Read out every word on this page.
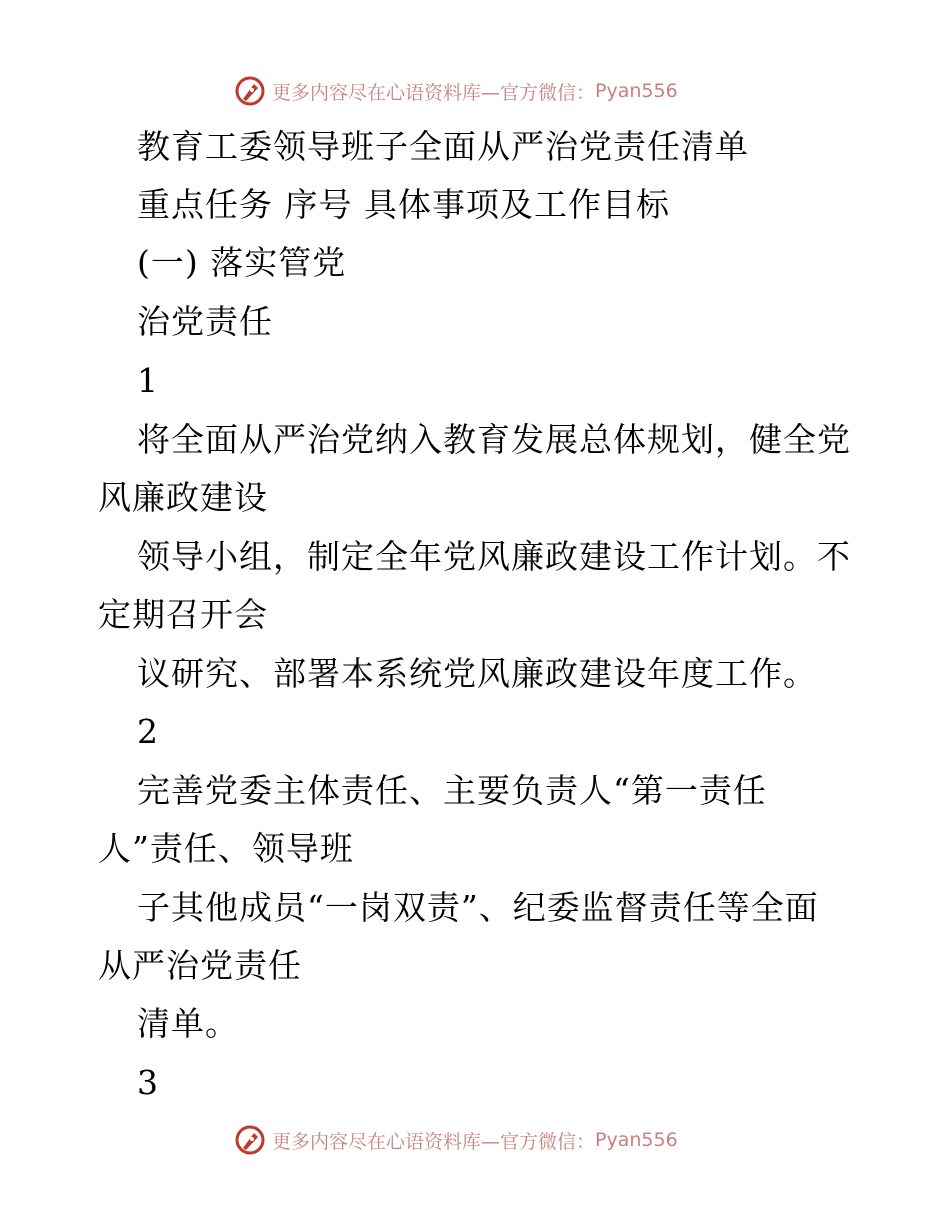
更多内容尽在心语资料库—官方微信： Pyan556
教育工委领导班子全面从严治党责任清单
重点任务 序号 具体事项及工作目标
(一) 落实管党
治党责任
1
将全面从严治党纳入教育发展总体规划，健全党
风廉政建设
领导小组，制定全年党风廉政建设工作计划。不
定期召开会
议研究、部署本系统党风廉政建设年度工作。
2
完善党委主体责任、主要负责人“第一责任
人”责任、领导班
子其他成员“一岗双责”、纪委监督责任等全面
从严治党责任
清单。
3
更多内容尽在心语资料库—官方微信： Pyan556
